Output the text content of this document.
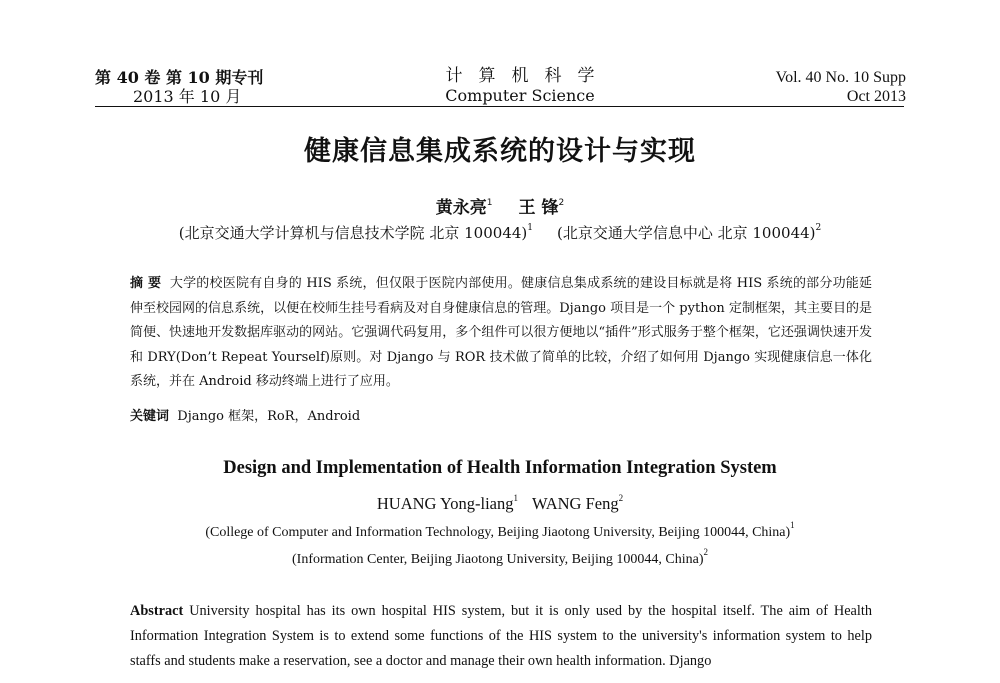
第 40 卷 第 10 期专刊
2013 年 10 月
计算机科学
Computer Science
Vol. 40 No. 10 Supp
Oct 2013
健康信息集成系统的设计与实现
黄永亮$^1$ 王 锋$^2$
(北京交通大学计算机与信息技术学院 北京 100044)$^1$ (北京交通大学信息中心 北京 100044)$^2$
摘 要 大学的校医院有自身的 HIS 系统，但仅限于医院内部使用。健康信息集成系统的建设目标就是将 HIS 系统的部分功能延伸至校园网的信息系统，以便在校师生挂号看病及对自身健康信息的管理。Django 项目是一个 python 定制框架，其主要目的是简便、快速地开发数据库驱动的网站。它强调代码复用，多个组件可以很方便地以“插件”形式服务于整个框架，它还强调快速开发和 DRY(Don’t Repeat Yourself)原则。对 Django 与 ROR 技术做了简单的比较，介绍了如何用 Django 实现健康信息一体化系统，并在 Android 移动终端上进行了应用。
关键词 Django 框架，RoR，Android
Design and Implementation of Health Information Integration System
HUANG Yong-liang$^1$ WANG Feng$^2$
(College of Computer and Information Technology, Beijing Jiaotong University, Beijing 100044, China)$^1$
(Information Center, Beijing Jiaotong University, Beijing 100044, China)$^2$
Abstract University hospital has its own hospital HIS system, but it is only used by the hospital itself. The aim of Health Information Integration System is to extend some functions of the HIS system to the university's information system to help staffs and students make a reservation, see a doctor and manage their own health information. Django
